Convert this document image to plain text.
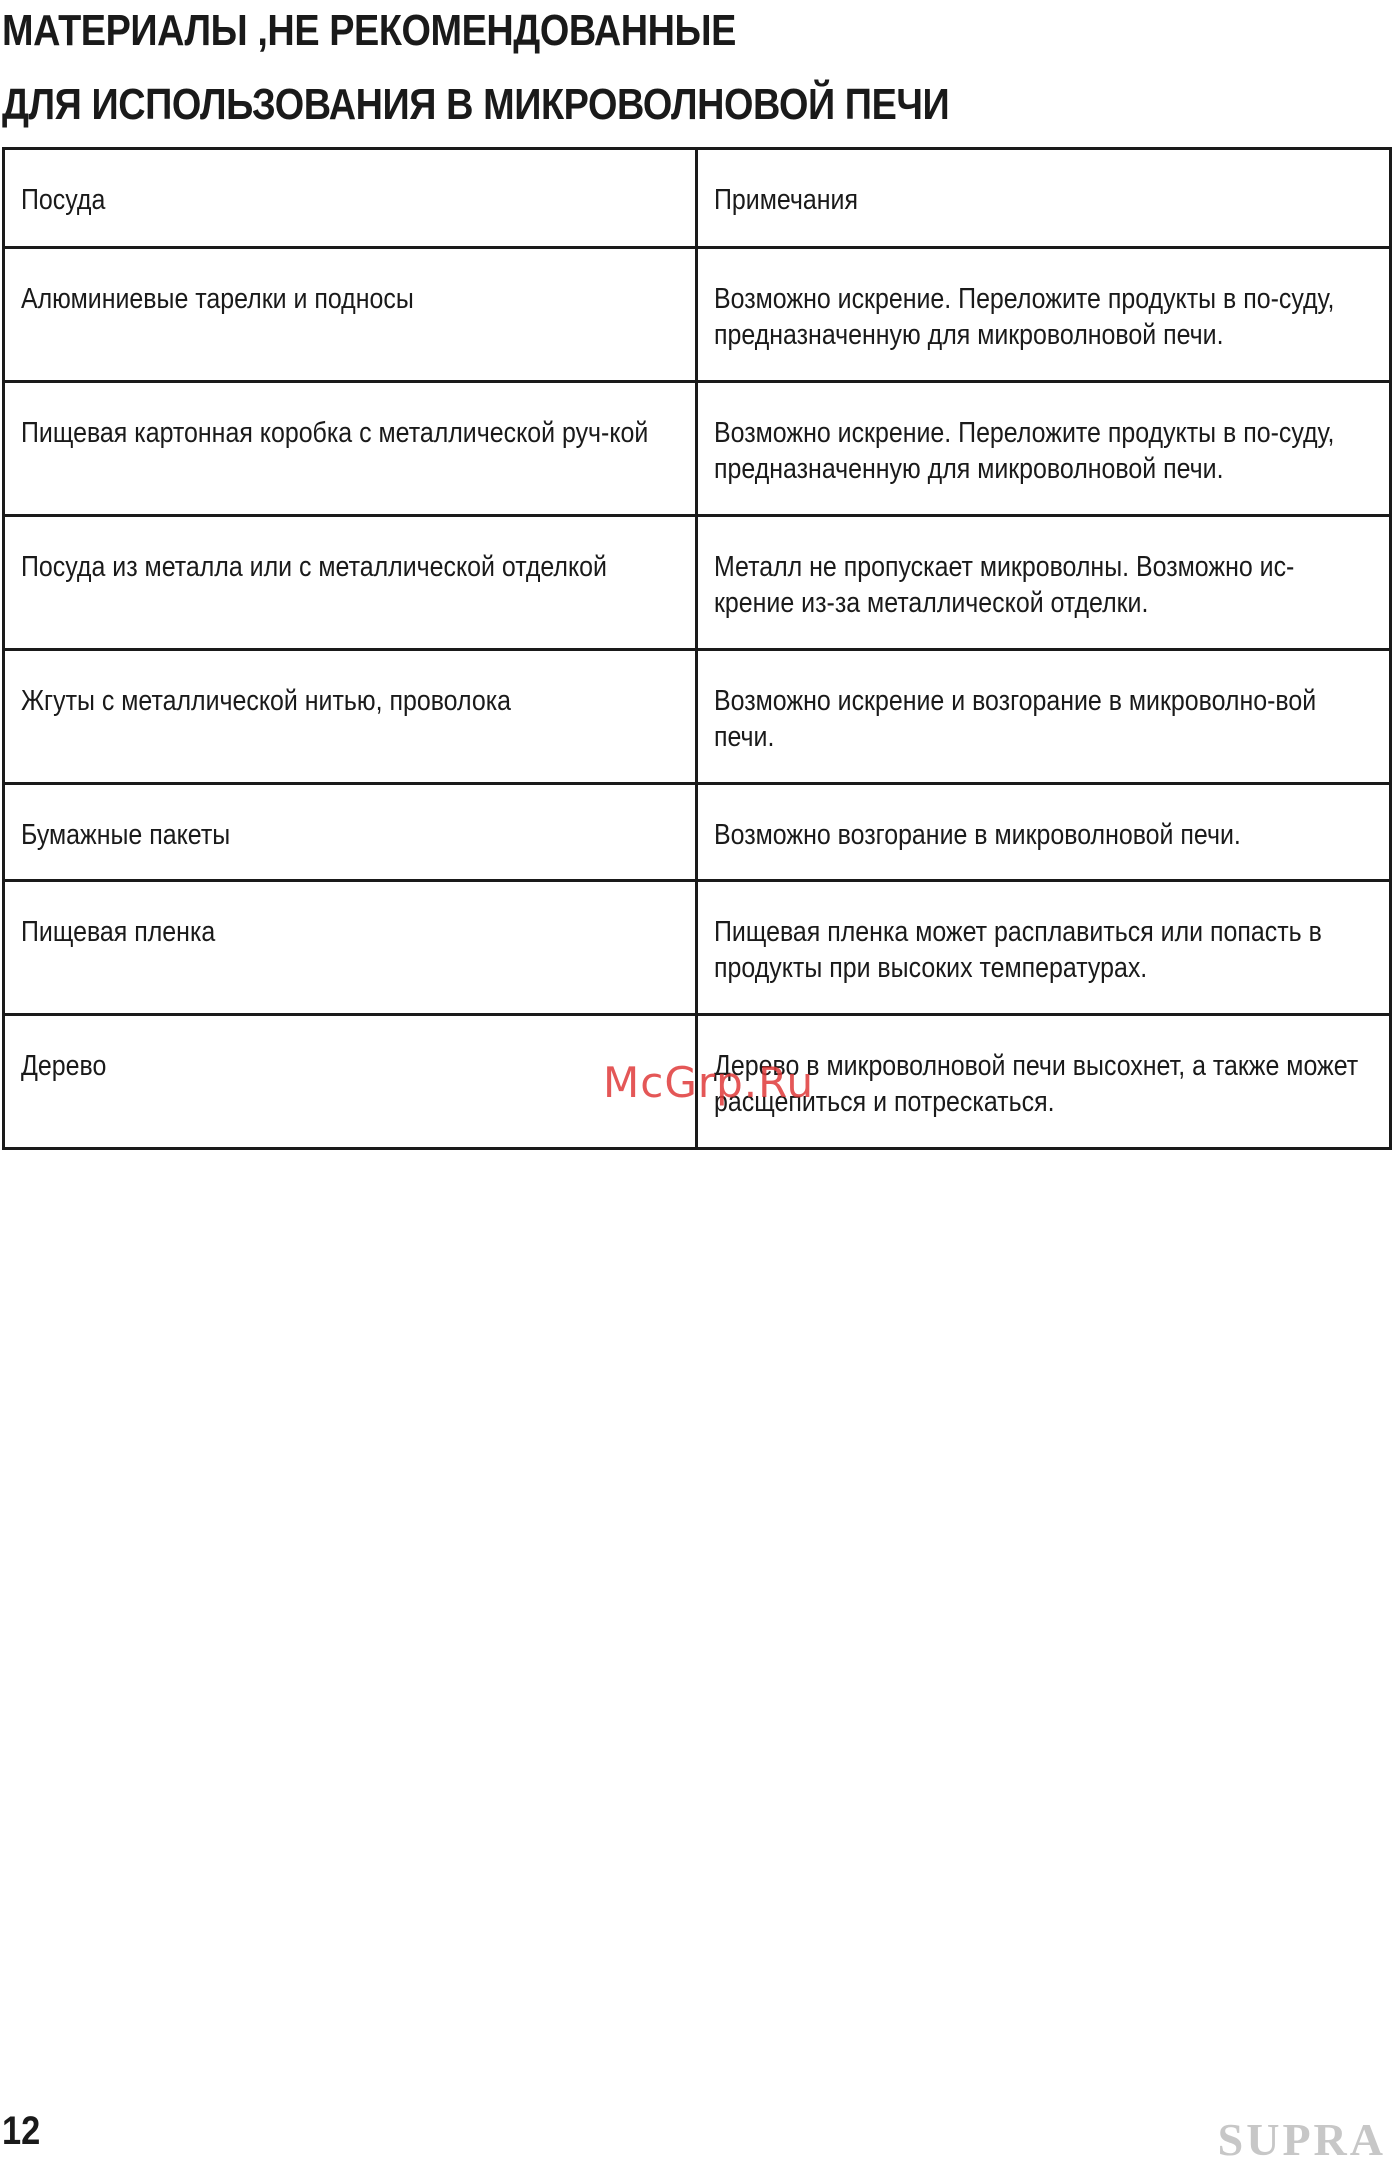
МАТЕРИАЛЫ ,НЕ РЕКОМЕНДОВАННЫЕ
ДЛЯ ИСПОЛЬЗОВАНИЯ В МИКРОВОЛНОВОЙ ПЕЧИ
Посуда	Примечания

Алюминиевые тарелки и подносы	Возможно искрение. Переложите продукты в по-суду, предназначенную для микроволновой печи.

Пищевая картонная коробка с металлической руч-кой	Возможно искрение. Переложите продукты в по-суду, предназначенную для микроволновой печи.

Посуда из металла или с металлической отделкой	Металл не пропускает микроволны. Возможно ис-крение из-за металлической отделки.

Жгуты с металлической нитью, проволока	Возможно искрение и возгорание в микроволно-вой печи.

Бумажные пакеты	Возможно возгорание в микроволновой печи.

Пищевая пленка	Пищевая пленка может расплавиться или попасть в продукты при высоких температурах.

Дерево	Дерево в микроволновой печи высохнет, а также может расщепиться и потрескаться.
McGrp.Ru
12	SUPRA
